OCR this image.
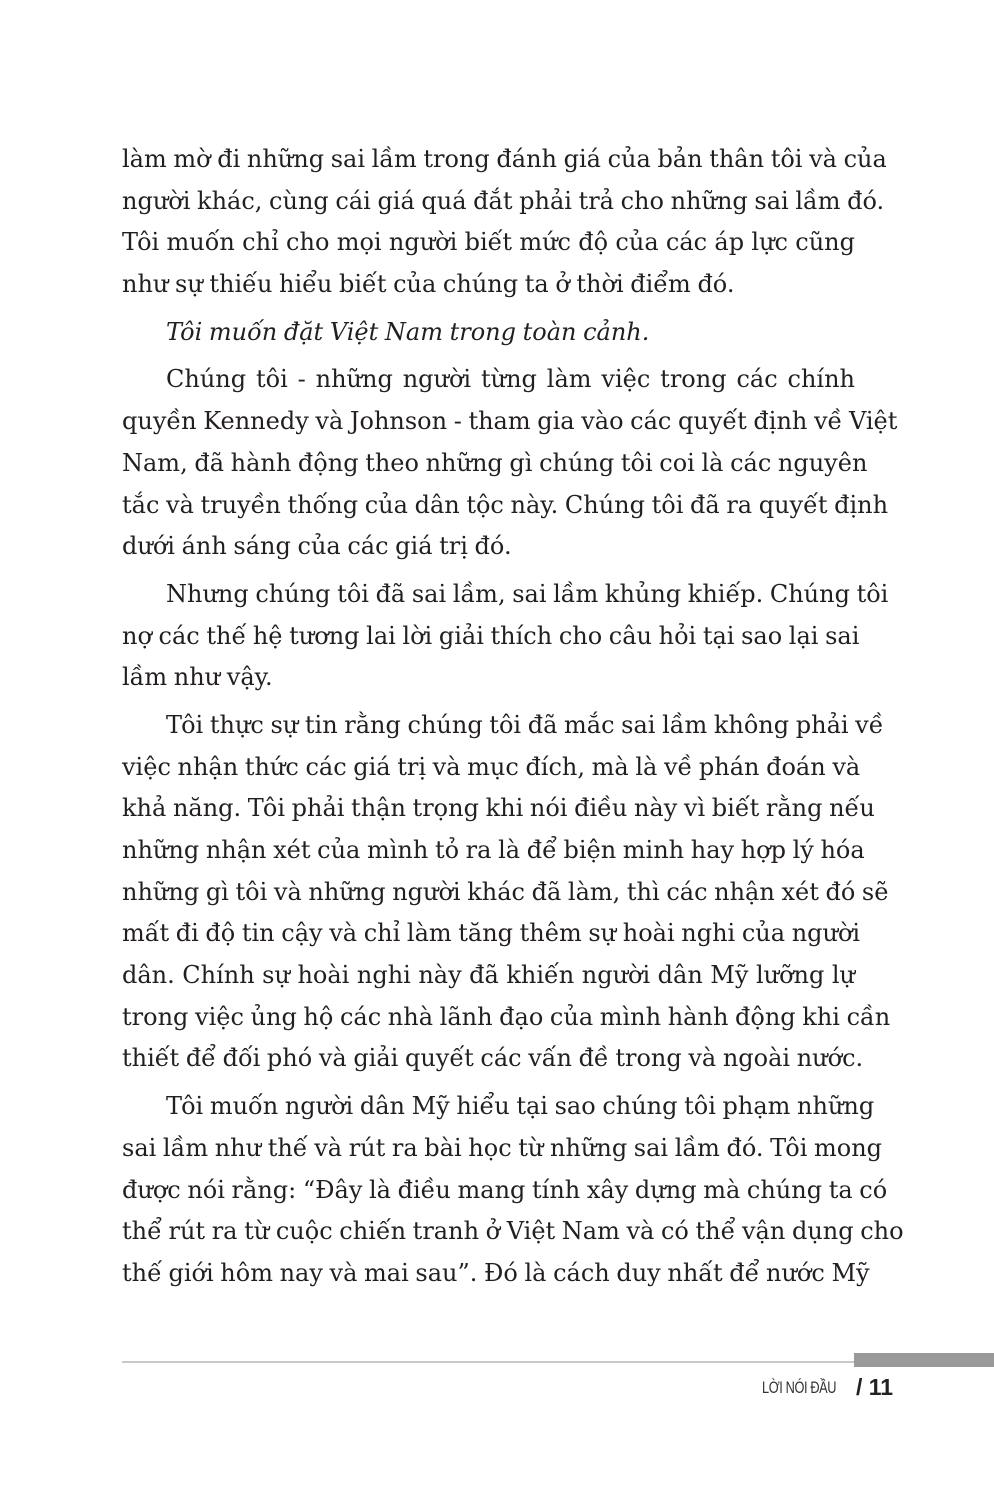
làm mờ đi những sai lầm trong đánh giá của bản thân tôi và của
người khác, cùng cái giá quá đắt phải trả cho những sai lầm đó.
Tôi muốn chỉ cho mọi người biết mức độ của các áp lực cũng
như sự thiếu hiểu biết của chúng ta ở thời điểm đó.
Tôi muốn đặt Việt Nam trong toàn cảnh.
Chúng tôi - những người từng làm việc trong các chính
quyền Kennedy và Johnson - tham gia vào các quyết định về Việt
Nam, đã hành động theo những gì chúng tôi coi là các nguyên
tắc và truyền thống của dân tộc này. Chúng tôi đã ra quyết định
dưới ánh sáng của các giá trị đó.
Nhưng chúng tôi đã sai lầm, sai lầm khủng khiếp. Chúng tôi
nợ các thế hệ tương lai lời giải thích cho câu hỏi tại sao lại sai
lầm như vậy.
Tôi thực sự tin rằng chúng tôi đã mắc sai lầm không phải về
việc nhận thức các giá trị và mục đích, mà là về phán đoán và
khả năng. Tôi phải thận trọng khi nói điều này vì biết rằng nếu
những nhận xét của mình tỏ ra là để biện minh hay hợp lý hóa
những gì tôi và những người khác đã làm, thì các nhận xét đó sẽ
mất đi độ tin cậy và chỉ làm tăng thêm sự hoài nghi của người
dân. Chính sự hoài nghi này đã khiến người dân Mỹ lưỡng lự
trong việc ủng hộ các nhà lãnh đạo của mình hành động khi cần
thiết để đối phó và giải quyết các vấn đề trong và ngoài nước.
Tôi muốn người dân Mỹ hiểu tại sao chúng tôi phạm những
sai lầm như thế và rút ra bài học từ những sai lầm đó. Tôi mong
được nói rằng: “Đây là điều mang tính xây dựng mà chúng ta có
thể rút ra từ cuộc chiến tranh ở Việt Nam và có thể vận dụng cho
thế giới hôm nay và mai sau”. Đó là cách duy nhất để nước Mỹ
LỜI NÓI ĐẦU / 11
